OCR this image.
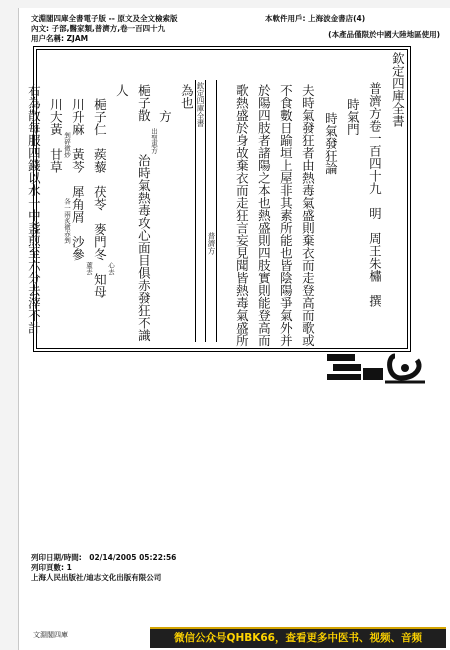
文淵閣四庫全書電子版 -- 原文及全文檢索版
內文: 子部,醫家類,普濟方,卷一百四十九
用户名稱: ZJAM
本軟件用戶: 上海波金書店(4)
(本產品僅限於中國大陸地區使用)
欽定四庫全書
普濟方
欽定四庫全書
普濟方卷一百四十九　明　周王朱橚　撰
時氣門
時氣發狂論
夫時氣發狂者由熱毒氣盛則棄衣而走登高而歌或
不食數日踰垣上屋非其素所能也皆陰陽爭氣外并
於陽四肢者諸陽之本也熱盛則四肢實則能登高而
歌熱盛於身故棄衣而走狂言妄見聞皆熱毒氣盛所
為也
方
梔子散
出聖惠方
治時氣熱毒攻心面目俱赤發狂不識
人
梔子仁　蒺藜　茯苓　麥門冬　知母 心去
川升麻　黃芩　犀角屑　沙參
蘆去
川大黃　甘草 剉碎微炒
各一兩炙微赤剉
右為散每服四錢以水一中盞煎至六分去滓不計
列印日期/時間:　02/14/2005 05:22:56
列印頁數: 1
上海人民出版社/迪志文化出版有限公司
文淵閣四庫	微信公众号QHBK66，查看更多中医书、视频、音频
